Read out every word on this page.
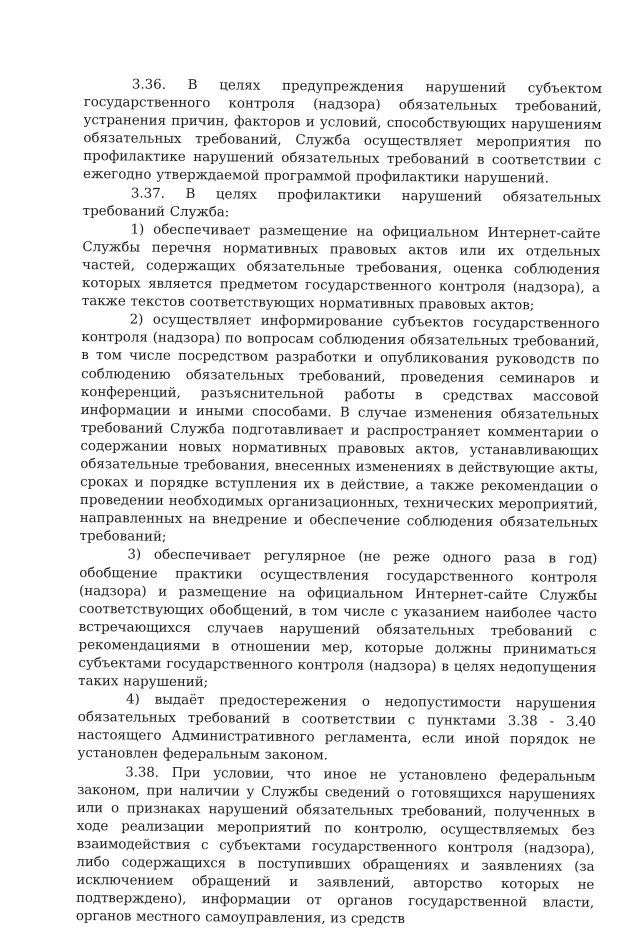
3.36. В целях предупреждения нарушений субъектом государственного контроля (надзора) обязательных требований, устранения причин, факторов и условий, способствующих нарушениям обязательных требований, Служба осуществляет мероприятия по профилактике нарушений обязательных требований в соответствии с ежегодно утверждаемой программой профилактики нарушений.

3.37. В целях профилактики нарушений обязательных требований Служба:

1) обеспечивает размещение на официальном Интернет-сайте Службы перечня нормативных правовых актов или их отдельных частей, содержащих обязательные требования, оценка соблюдения которых является предметом государственного контроля (надзора), а также текстов соответствующих нормативных правовых актов;

2) осуществляет информирование субъектов государственного контроля (надзора) по вопросам соблюдения обязательных требований, в том числе посредством разработки и опубликования руководств по соблюдению обязательных требований, проведения семинаров и конференций, разъяснительной работы в средствах массовой информации и иными способами. В случае изменения обязательных требований Служба подготавливает и распространяет комментарии о содержании новых нормативных правовых актов, устанавливающих обязательные требования, внесенных изменениях в действующие акты, сроках и порядке вступления их в действие, а также рекомендации о проведении необходимых организационных, технических мероприятий, направленных на внедрение и обеспечение соблюдения обязательных требований;

3) обеспечивает регулярное (не реже одного раза в год) обобщение практики осуществления государственного контроля (надзора) и размещение на официальном Интернет-сайте Службы соответствующих обобщений, в том числе с указанием наиболее часто встречающихся случаев нарушений обязательных требований с рекомендациями в отношении мер, которые должны приниматься субъектами государственного контроля (надзора) в целях недопущения таких нарушений;

4) выдаёт предостережения о недопустимости нарушения обязательных требований в соответствии с пунктами 3.38 - 3.40 настоящего Административного регламента, если иной порядок не установлен федеральным законом.

3.38. При условии, что иное не установлено федеральным законом, при наличии у Службы сведений о готовящихся нарушениях или о признаках нарушений обязательных требований, полученных в ходе реализации мероприятий по контролю, осуществляемых без взаимодействия с субъектами государственного контроля (надзора), либо содержащихся в поступивших обращениях и заявлениях (за исключением обращений и заявлений, авторство которых не подтверждено), информации от органов государственной власти, органов местного самоуправления, из средств
